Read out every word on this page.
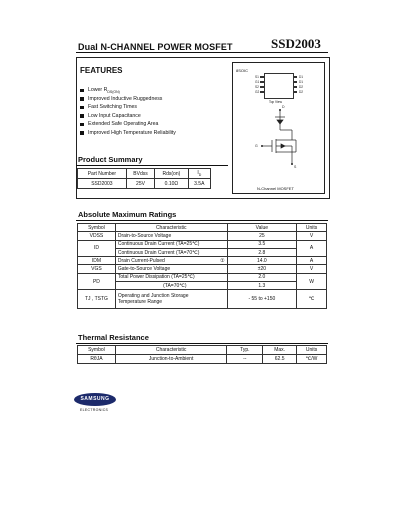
Dual N-CHANNEL POWER MOSFET	SSD2003
FEATURES
Lower $R_{DS(ON)}$
Improved Inductive Ruggedness
Fast Switching Times
Low Input Capacitance
Extended Safe Operating Area
Improved High Temperature Reliability
8SOIC
S1
G1
S2
G2
D1
D1
D2
D2
Top View
D
G
S
N-Channel MOSFET
Product Summary
Part Number	BVdss	Rds(on)	$I_D$
SSD2003	25V	0.10Ω	3.5A
Absolute Maximum Ratings
Symbol	Characteristic	Value	Units
VDSS	Drain-to-Source Voltage	25	V
ID	Continuous Drain Current (TA=25℃)	3.5	A
	Continuous Drain Current (TA=70℃)	2.8	
IDM	Drain Current-Pulsed ①	14.0	A
VGS	Gate-to-Source Voltage	±20	V
PD	Total Power Dissipation (TA=25℃)	2.0	W
	(TA=70℃)	1.3	
TJ , TSTG	Operating and Junction Storage
Temperature Range	- 55 to +150	℃
Thermal Resistance
Symbol	Characteristic	Typ.	Max.	Units
RθJA	Junction-to-Ambient	--	62.5	℃/W
SAMSUNG
ELECTRONICS
